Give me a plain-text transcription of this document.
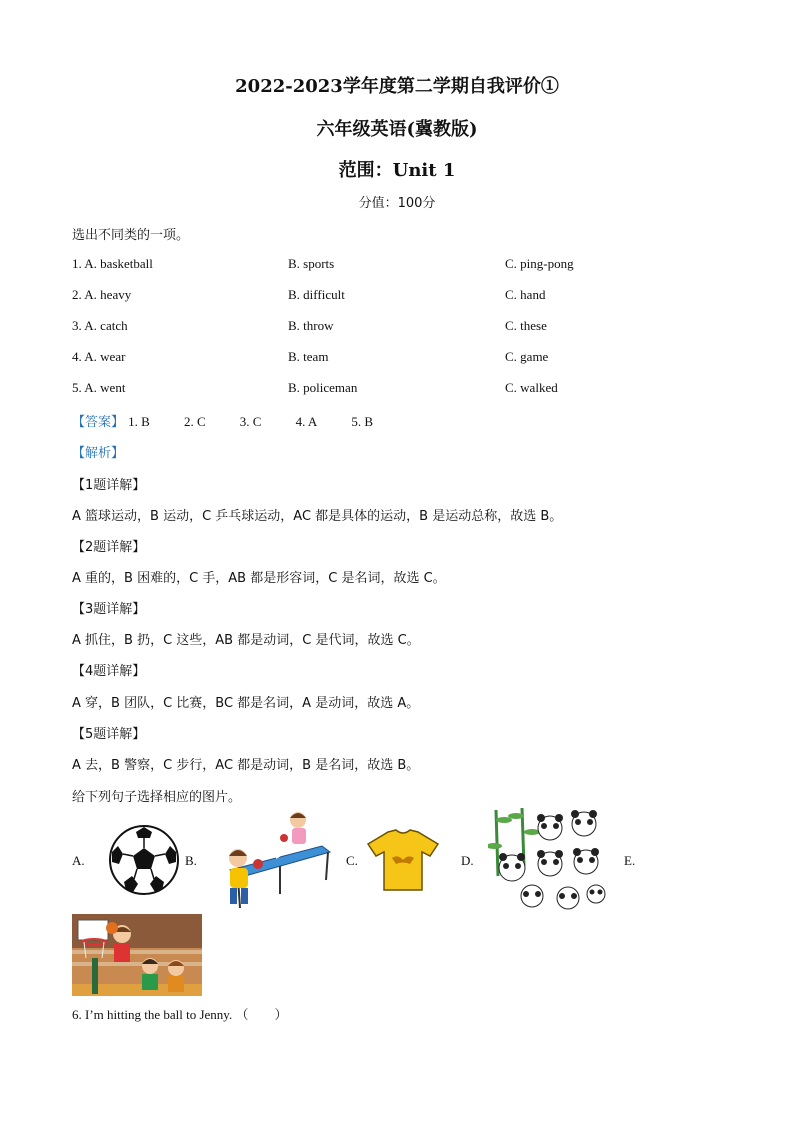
2022-2023学年度第二学期自我评价①
六年级英语(冀教版)
范围：Unit 1
分值：100分
选出不同类的一项。
1. A. basketball	B. sports	C. ping-pong
2. A. heavy	B. difficult	C. hand
3. A. catch	B. throw	C. these
4. A. wear	B. team	C. game
5. A. went	B. policeman	C. walked
【答案】 1. B	2. C	3. C	4. A	5. B
【解析】
【1题详解】
A 篮球运动，B 运动，C 乒乓球运动，AC 都是具体的运动，B 是运动总称，故选 B。
【2题详解】
A 重的，B 困难的，C 手，AB 都是形容词，C 是名词，故选 C。
【3题详解】
A 抓住，B 扔，C 这些，AB 都是动词，C 是代词，故选 C。
【4题详解】
A 穿，B 团队，C 比赛，BC 都是名词，A 是动词，故选 A。
【5题详解】
A 去，B 警察，C 步行，AC 都是动词，B 是名词，故选 B。
给下列句子选择相应的图片。
A.	B.	C.	D.	E.
6. I’m hitting the ball to Jenny. （　　）
